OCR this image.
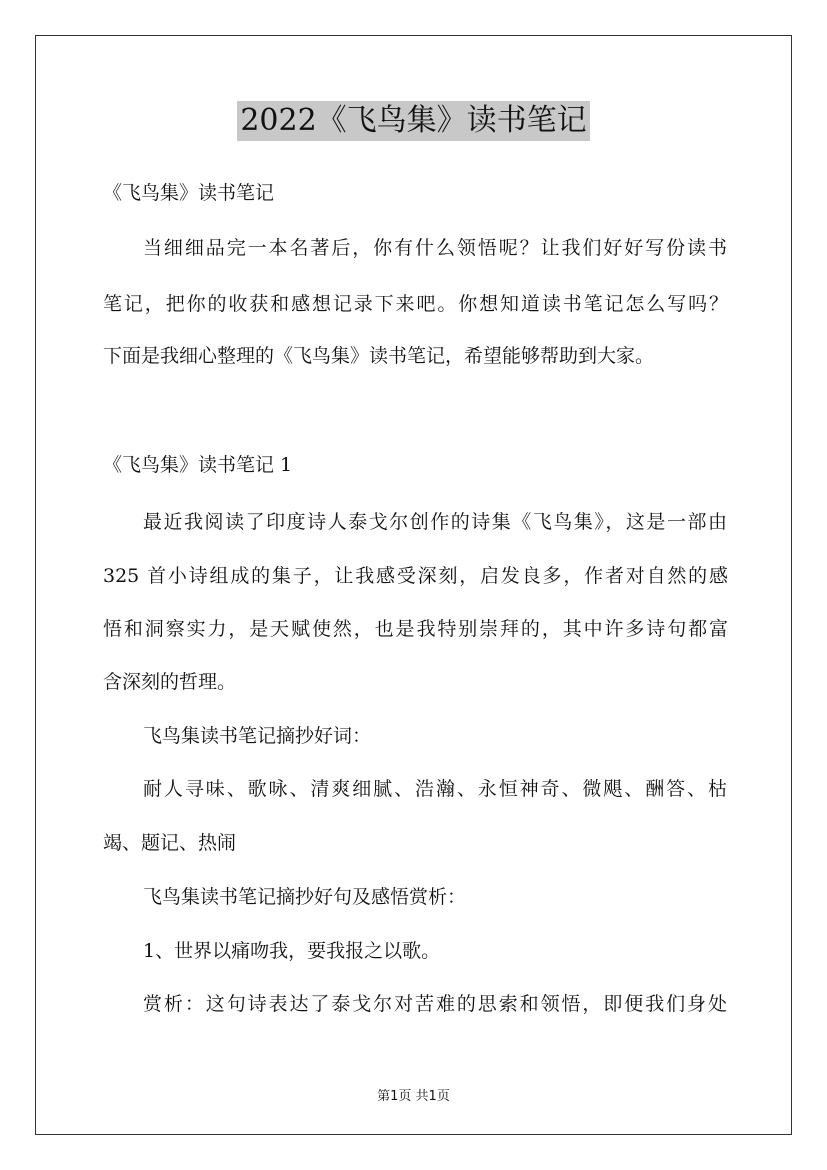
2022《飞鸟集》读书笔记
《飞鸟集》读书笔记
当细细品完一本名著后，你有什么领悟呢？让我们好好写份读书
笔记，把你的收获和感想记录下来吧。你想知道读书笔记怎么写吗？
下面是我细心整理的《飞鸟集》读书笔记，希望能够帮助到大家。
《飞鸟集》读书笔记 1
最近我阅读了印度诗人泰戈尔创作的诗集《飞鸟集》，这是一部由
325 首小诗组成的集子，让我感受深刻，启发良多，作者对自然的感
悟和洞察实力，是天赋使然，也是我特别崇拜的，其中许多诗句都富
含深刻的哲理。
飞鸟集读书笔记摘抄好词：
耐人寻味、歌咏、清爽细腻、浩瀚、永恒神奇、微飓、酬答、枯
竭、题记、热闹
飞鸟集读书笔记摘抄好句及感悟赏析：
1、世界以痛吻我，要我报之以歌。
赏析：这句诗表达了泰戈尔对苦难的思索和领悟，即便我们身处
第1页 共1页
